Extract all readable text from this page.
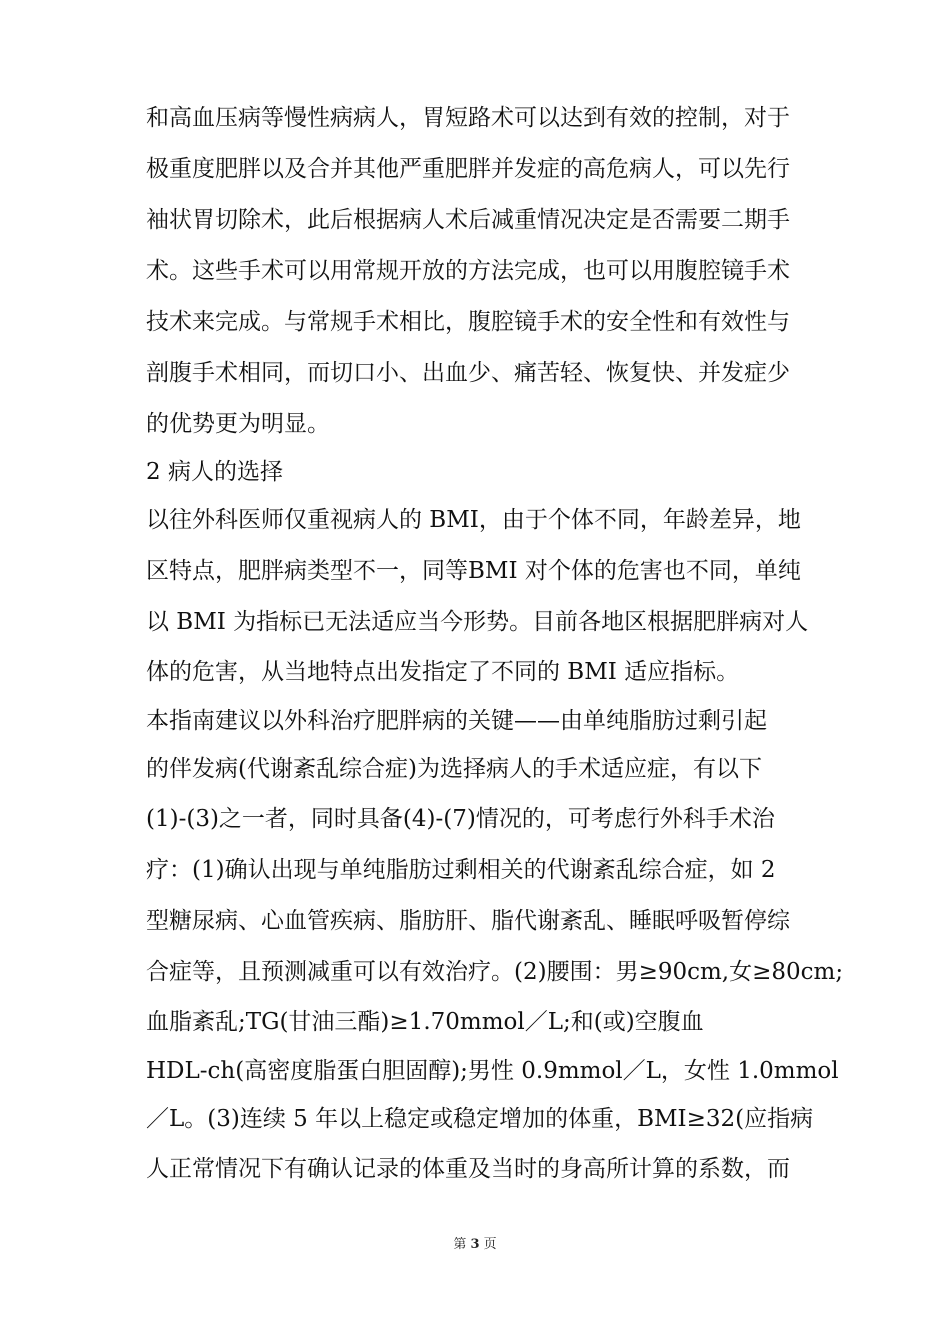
和高血压病等慢性病病人，胃短路术可以达到有效的控制，对于
极重度肥胖以及合并其他严重肥胖并发症的高危病人，可以先行
袖状胃切除术，此后根据病人术后减重情况决定是否需要二期手
术。这些手术可以用常规开放的方法完成，也可以用腹腔镜手术
技术来完成。与常规手术相比，腹腔镜手术的安全性和有效性与
剖腹手术相同，而切口小、出血少、痛苦轻、恢复快、并发症少
的优势更为明显。
2 病人的选择
以往外科医师仅重视病人的 BMI，由于个体不同，年龄差异，地
区特点，肥胖病类型不一，同等BMI 对个体的危害也不同，单纯
以 BMI 为指标已无法适应当今形势。目前各地区根据肥胖病对人
体的危害，从当地特点出发指定了不同的 BMI 适应指标。
本指南建议以外科治疗肥胖病的关键——由单纯脂肪过剩引起
的伴发病(代谢紊乱综合症)为选择病人的手术适应症，有以下
(1)-(3)之一者，同时具备(4)-(7)情况的，可考虑行外科手术治
疗：(1)确认出现与单纯脂肪过剩相关的代谢紊乱综合症，如 2
型糖尿病、心血管疾病、脂肪肝、脂代谢紊乱、睡眠呼吸暂停综
合症等，且预测减重可以有效治疗。(2)腰围：男≥90cm,女≥80cm;
血脂紊乱;TG(甘油三酯)≥1.70mmol／L;和(或)空腹血
HDL-ch(高密度脂蛋白胆固醇);男性 0.9mmol／L，女性 1.0mmol
／L。(3)连续 5 年以上稳定或稳定增加的体重，BMI≥32(应指病
人正常情况下有确认记录的体重及当时的身高所计算的系数，而
第 3 页
